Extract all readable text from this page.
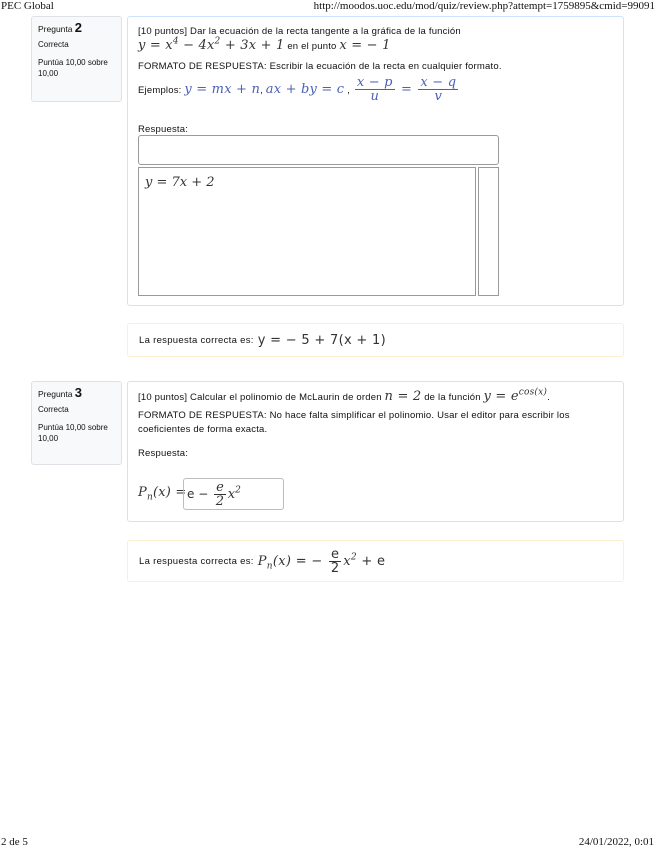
PEC Global	http://moodos.uoc.edu/mod/quiz/review.php?attempt=1759895&cmid=99091
Pregunta 2
Correcta
Puntúa 10,00 sobre
10,00
[10 puntos] Dar la ecuación de la recta tangente a la gráfica de la función
$y = x^4 - 4x^2 + 3x + 1$ en el punto x = − 1
FORMATO DE RESPUESTA: Escribir la ecuación de la recta en cualquier formato.
Ejemplos: y = mx + n, ax + by = c , $\frac{x - p}{u} = \frac{x - q}{v}$
Respuesta:
y = 7x + 2
La respuesta correcta es: y = − 5 + 7(x + 1)
Pregunta 3
Correcta
Puntúa 10,00 sobre
10,00
[10 puntos] Calcular el polinomio de McLaurin de orden n = 2 de la función $y = e^{cos(x)}$.
FORMATO DE RESPUESTA: No hace falta simplificar el polinomio. Usar el editor para escribir los coeficientes de forma exacta.
Respuesta:
$P_n(x) = e - \frac{e}{2} x^2$
La respuesta correcta es: $P_n(x)$ = − $\frac{e}{2} x^2 + e$
2 de 5	24/01/2022, 0:01
